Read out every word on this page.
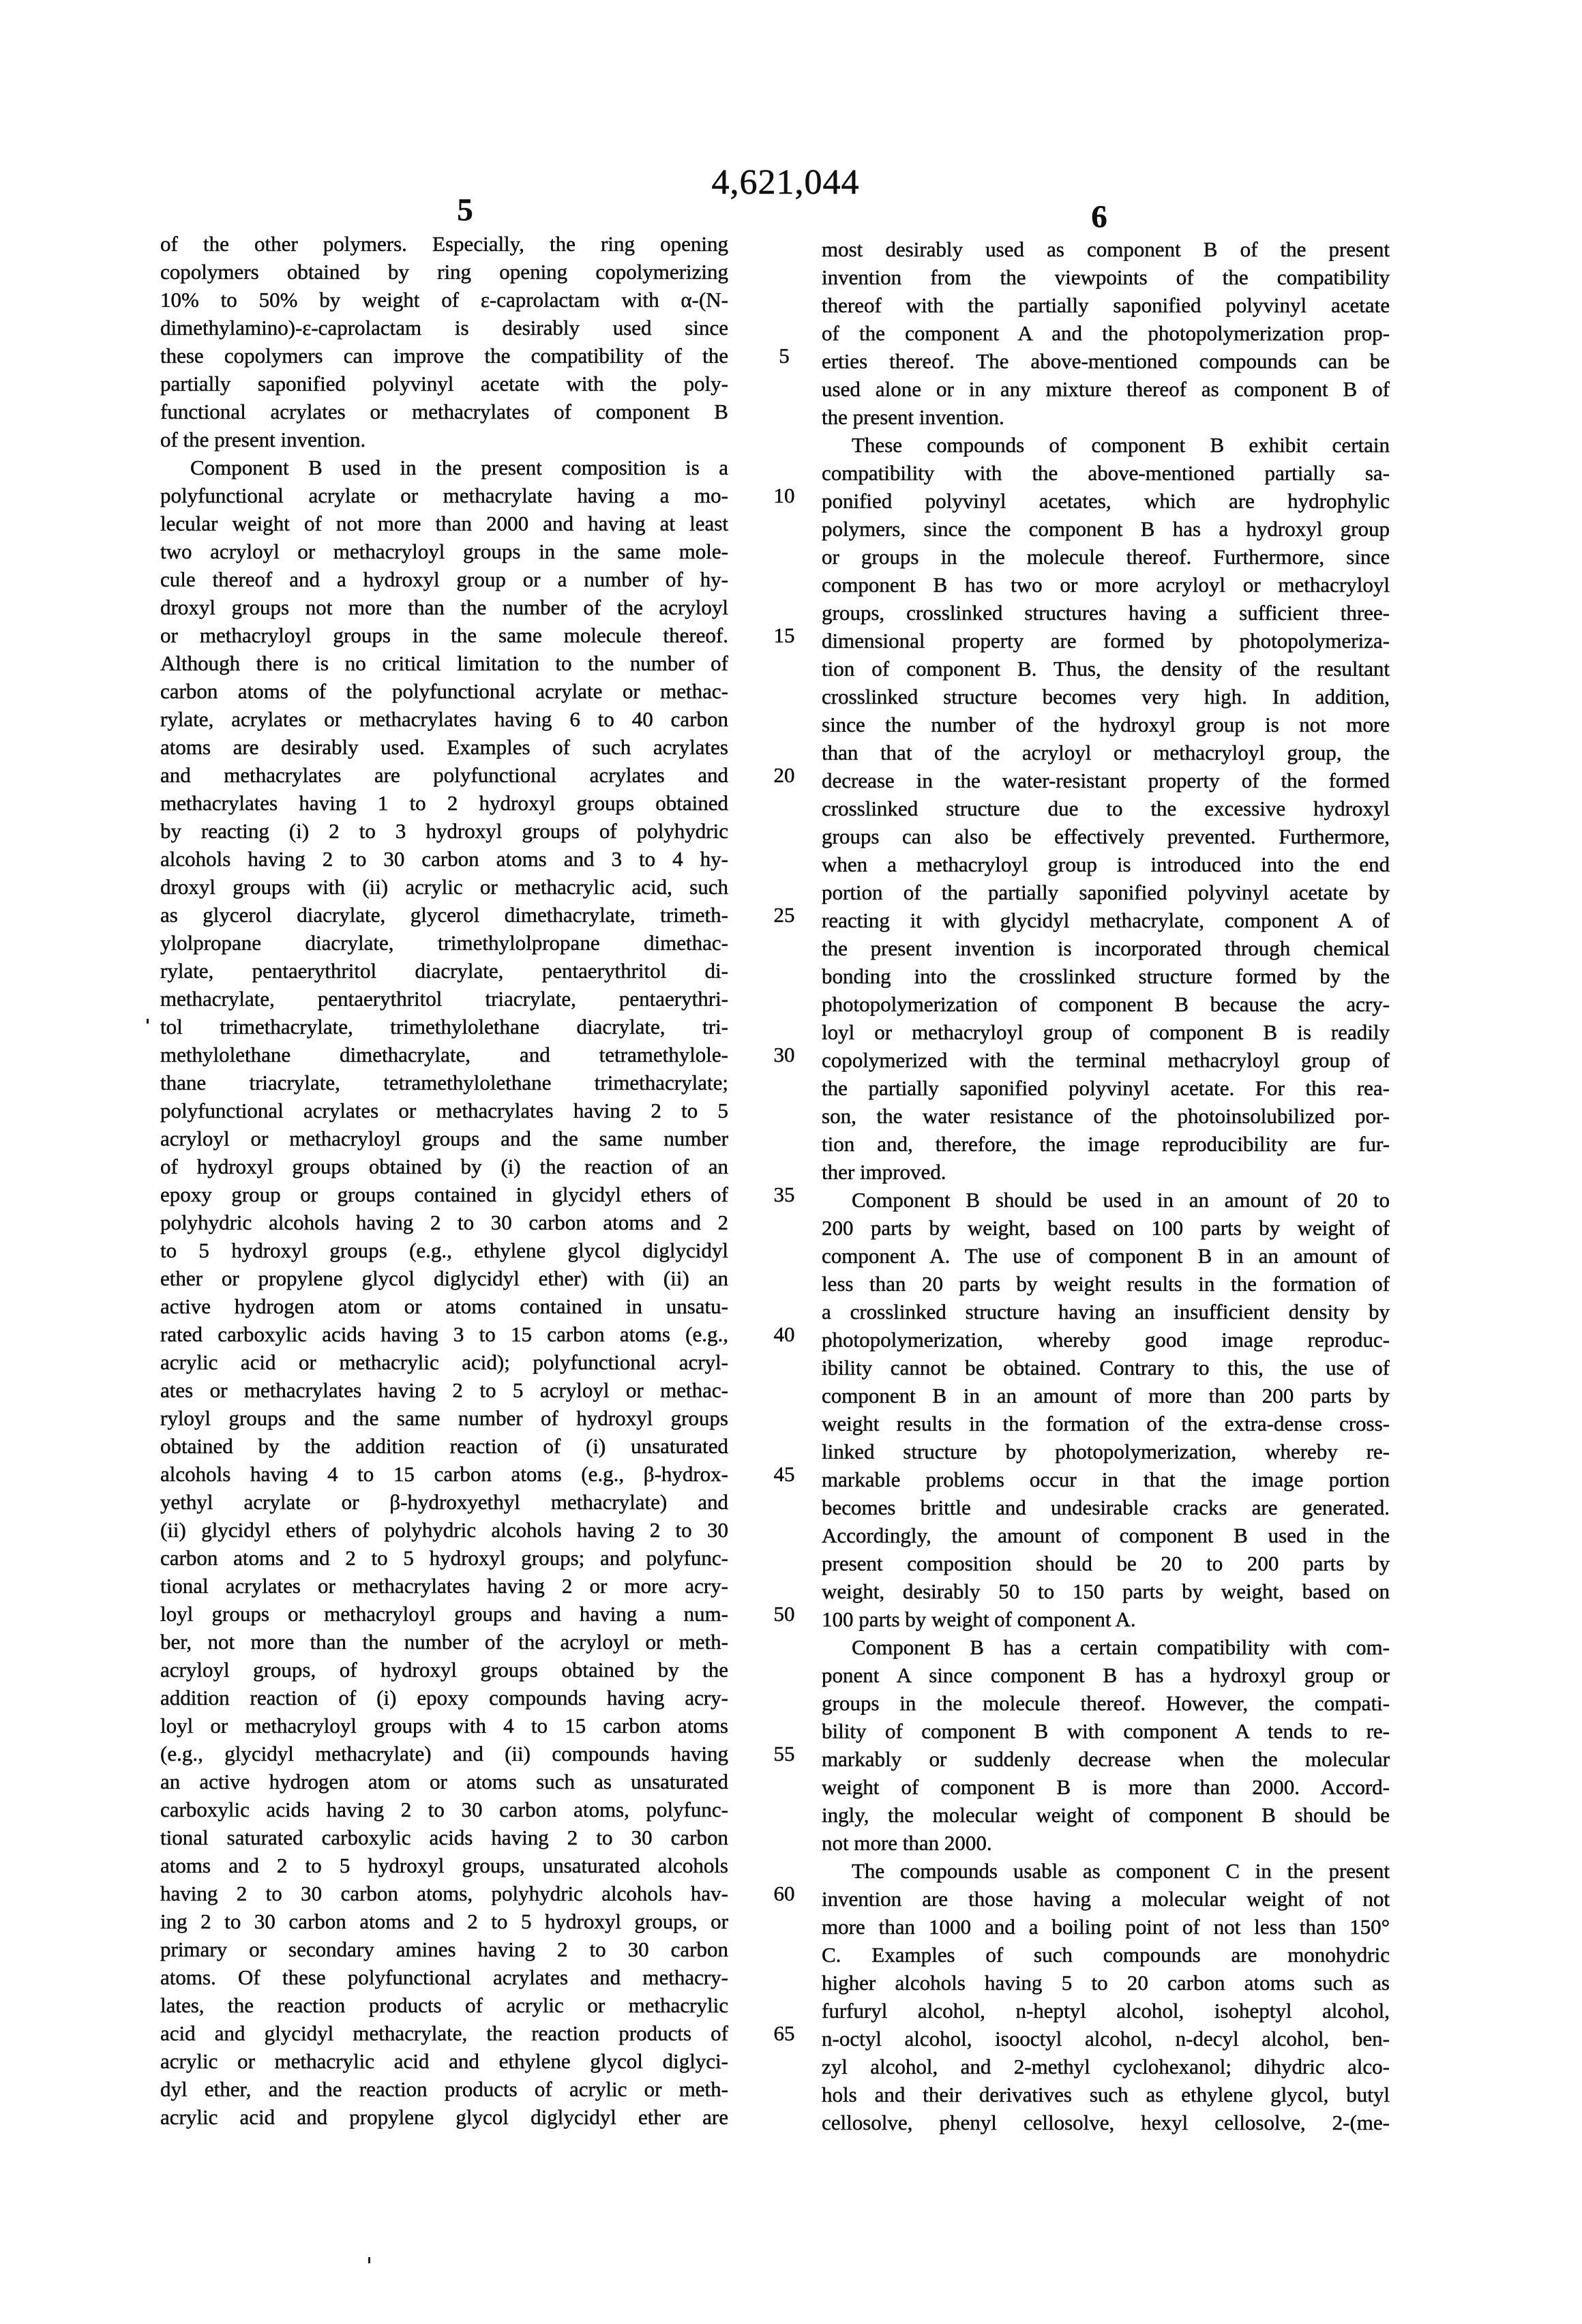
4,621,044
5	6
of the other polymers. Especially, the ring opening
copolymers obtained by ring opening copolymerizing
10% to 50% by weight of ε-caprolactam with α-(N-
dimethylamino)-ε-caprolactam is desirably used since
these copolymers can improve the compatibility of the
partially saponified polyvinyl acetate with the poly-
functional acrylates or methacrylates of component B
of the present invention.
Component B used in the present composition is a
polyfunctional acrylate or methacrylate having a mo-
lecular weight of not more than 2000 and having at least
two acryloyl or methacryloyl groups in the same mole-
cule thereof and a hydroxyl group or a number of hy-
droxyl groups not more than the number of the acryloyl
or methacryloyl groups in the same molecule thereof.
Although there is no critical limitation to the number of
carbon atoms of the polyfunctional acrylate or methac-
rylate, acrylates or methacrylates having 6 to 40 carbon
atoms are desirably used. Examples of such acrylates
and methacrylates are polyfunctional acrylates and
methacrylates having 1 to 2 hydroxyl groups obtained
by reacting (i) 2 to 3 hydroxyl groups of polyhydric
alcohols having 2 to 30 carbon atoms and 3 to 4 hy-
droxyl groups with (ii) acrylic or methacrylic acid, such
as glycerol diacrylate, glycerol dimethacrylate, trimeth-
ylolpropane diacrylate, trimethylolpropane dimethac-
rylate, pentaerythritol diacrylate, pentaerythritol di-
methacrylate, pentaerythritol triacrylate, pentaerythri-
tol trimethacrylate, trimethylolethane diacrylate, tri-
methylolethane dimethacrylate, and tetramethylole-
thane triacrylate, tetramethylolethane trimethacrylate;
polyfunctional acrylates or methacrylates having 2 to 5
acryloyl or methacryloyl groups and the same number
of hydroxyl groups obtained by (i) the reaction of an
epoxy group or groups contained in glycidyl ethers of
polyhydric alcohols having 2 to 30 carbon atoms and 2
to 5 hydroxyl groups (e.g., ethylene glycol diglycidyl
ether or propylene glycol diglycidyl ether) with (ii) an
active hydrogen atom or atoms contained in unsatu-
rated carboxylic acids having 3 to 15 carbon atoms (e.g.,
acrylic acid or methacrylic acid); polyfunctional acryl-
ates or methacrylates having 2 to 5 acryloyl or methac-
ryloyl groups and the same number of hydroxyl groups
obtained by the addition reaction of (i) unsaturated
alcohols having 4 to 15 carbon atoms (e.g., β-hydrox-
yethyl acrylate or β-hydroxyethyl methacrylate) and
(ii) glycidyl ethers of polyhydric alcohols having 2 to 30
carbon atoms and 2 to 5 hydroxyl groups; and polyfunc-
tional acrylates or methacrylates having 2 or more acry-
loyl groups or methacryloyl groups and having a num-
ber, not more than the number of the acryloyl or meth-
acryloyl groups, of hydroxyl groups obtained by the
addition reaction of (i) epoxy compounds having acry-
loyl or methacryloyl groups with 4 to 15 carbon atoms
(e.g., glycidyl methacrylate) and (ii) compounds having
an active hydrogen atom or atoms such as unsaturated
carboxylic acids having 2 to 30 carbon atoms, polyfunc-
tional saturated carboxylic acids having 2 to 30 carbon
atoms and 2 to 5 hydroxyl groups, unsaturated alcohols
having 2 to 30 carbon atoms, polyhydric alcohols hav-
ing 2 to 30 carbon atoms and 2 to 5 hydroxyl groups, or
primary or secondary amines having 2 to 30 carbon
atoms. Of these polyfunctional acrylates and methacry-
lates, the reaction products of acrylic or methacrylic
acid and glycidyl methacrylate, the reaction products of
acrylic or methacrylic acid and ethylene glycol diglyci-
dyl ether, and the reaction products of acrylic or meth-
acrylic acid and propylene glycol diglycidyl ether are
5
10
15
20
25
30
35
40
45
50
55
60
65
most desirably used as component B of the present
invention from the viewpoints of the compatibility
thereof with the partially saponified polyvinyl acetate
of the component A and the photopolymerization prop-
erties thereof. The above-mentioned compounds can be
used alone or in any mixture thereof as component B of
the present invention.
These compounds of component B exhibit certain
compatibility with the above-mentioned partially sa-
ponified polyvinyl acetates, which are hydrophylic
polymers, since the component B has a hydroxyl group
or groups in the molecule thereof. Furthermore, since
component B has two or more acryloyl or methacryloyl
groups, crosslinked structures having a sufficient three-
dimensional property are formed by photopolymeriza-
tion of component B. Thus, the density of the resultant
crosslinked structure becomes very high. In addition,
since the number of the hydroxyl group is not more
than that of the acryloyl or methacryloyl group, the
decrease in the water-resistant property of the formed
crosslinked structure due to the excessive hydroxyl
groups can also be effectively prevented. Furthermore,
when a methacryloyl group is introduced into the end
portion of the partially saponified polyvinyl acetate by
reacting it with glycidyl methacrylate, component A of
the present invention is incorporated through chemical
bonding into the crosslinked structure formed by the
photopolymerization of component B because the acry-
loyl or methacryloyl group of component B is readily
copolymerized with the terminal methacryloyl group of
the partially saponified polyvinyl acetate. For this rea-
son, the water resistance of the photoinsolubilized por-
tion and, therefore, the image reproducibility are fur-
ther improved.
Component B should be used in an amount of 20 to
200 parts by weight, based on 100 parts by weight of
component A. The use of component B in an amount of
less than 20 parts by weight results in the formation of
a crosslinked structure having an insufficient density by
photopolymerization, whereby good image reproduc-
ibility cannot be obtained. Contrary to this, the use of
component B in an amount of more than 200 parts by
weight results in the formation of the extra-dense cross-
linked structure by photopolymerization, whereby re-
markable problems occur in that the image portion
becomes brittle and undesirable cracks are generated.
Accordingly, the amount of component B used in the
present composition should be 20 to 200 parts by
weight, desirably 50 to 150 parts by weight, based on
100 parts by weight of component A.
Component B has a certain compatibility with com-
ponent A since component B has a hydroxyl group or
groups in the molecule thereof. However, the compati-
bility of component B with component A tends to re-
markably or suddenly decrease when the molecular
weight of component B is more than 2000. Accord-
ingly, the molecular weight of component B should be
not more than 2000.
The compounds usable as component C in the present
invention are those having a molecular weight of not
more than 1000 and a boiling point of not less than 150°
C. Examples of such compounds are monohydric
higher alcohols having 5 to 20 carbon atoms such as
furfuryl alcohol, n-heptyl alcohol, isoheptyl alcohol,
n-octyl alcohol, isooctyl alcohol, n-decyl alcohol, ben-
zyl alcohol, and 2-methyl cyclohexanol; dihydric alco-
hols and their derivatives such as ethylene glycol, butyl
cellosolve, phenyl cellosolve, hexyl cellosolve, 2-(me-
